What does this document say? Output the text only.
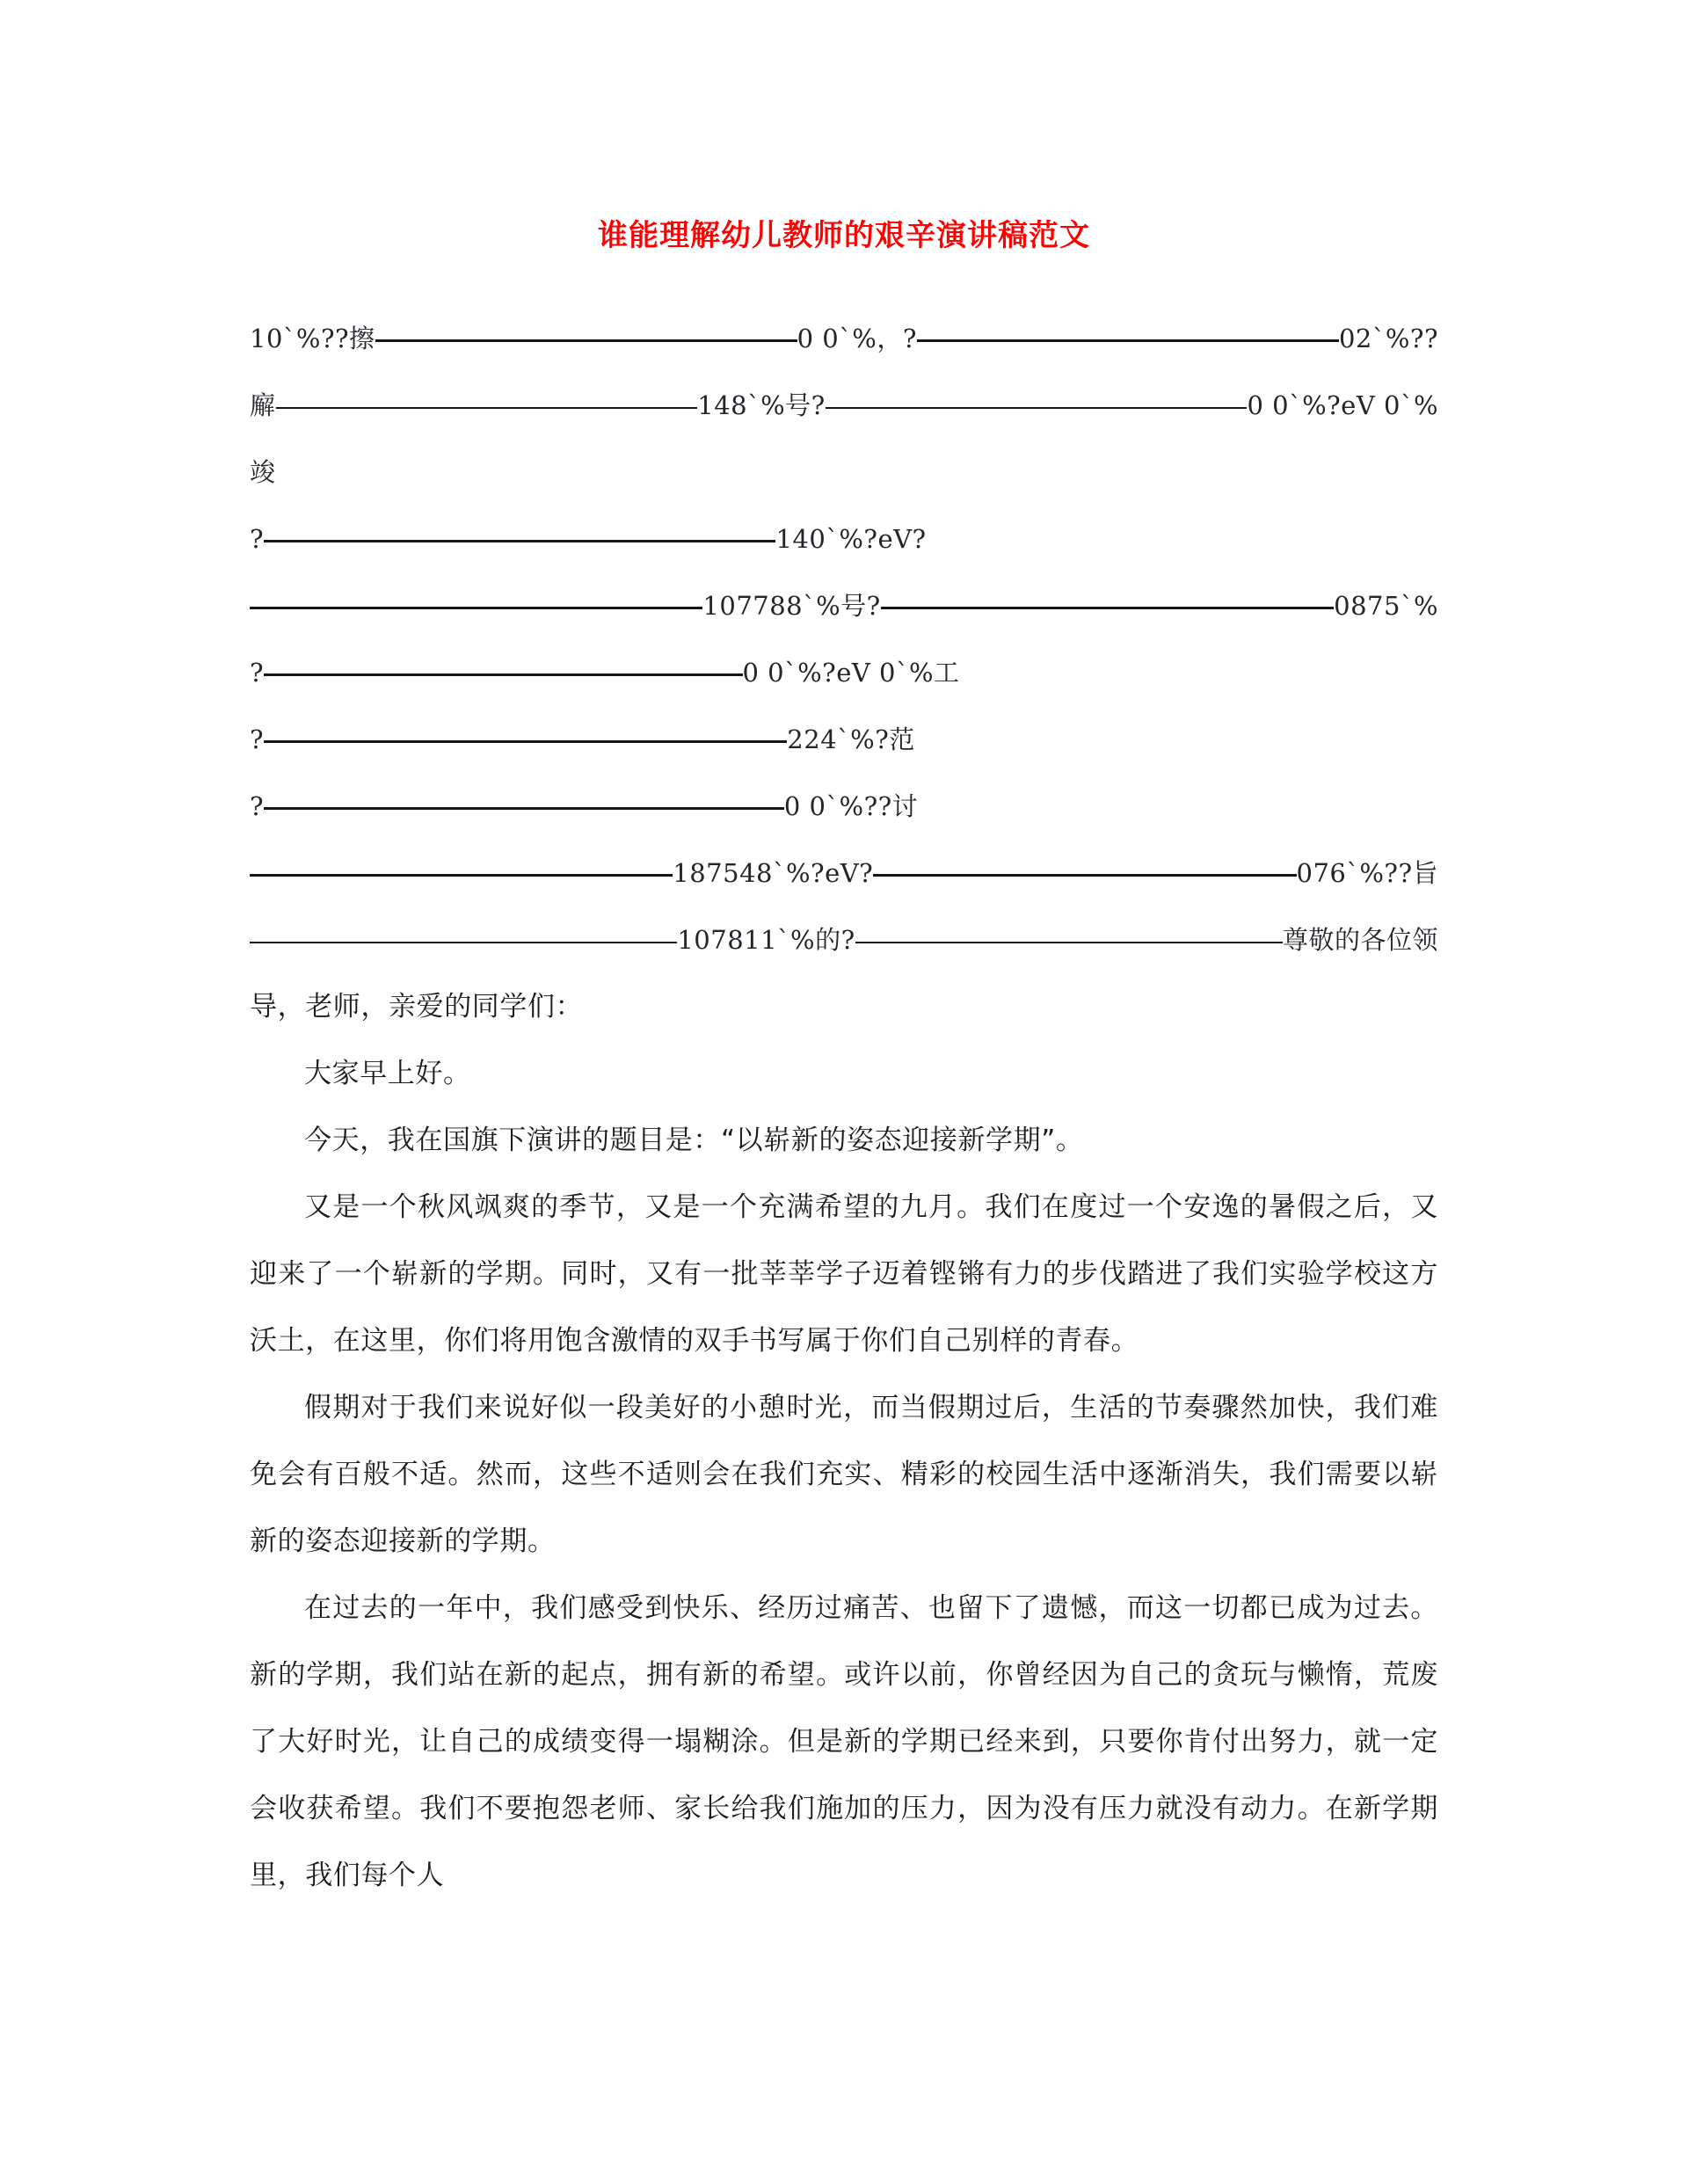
谁能理解幼儿教师的艰辛演讲稿范文
10`%??擦	0 0`%，?	02`%??
廨	148`%号?	0 0`%?eV 0`%
竣
?	140`%?eV?
107788`%号?	0875`%
?	0 0`%?eV 0`%工
?	224`%?范
?	0 0`%??讨
187548`%?eV?	076`%??旨
107811`%的?	尊敬的各位领

导，老师，亲爱的同学们：

大家早上好。

今天，我在国旗下演讲的题目是：“以崭新的姿态迎接新学期”。

又是一个秋风飒爽的季节，又是一个充满希望的九月。我们在度过一个安逸的暑假之后，又迎来了一个崭新的学期。同时，又有一批莘莘学子迈着铿锵有力的步伐踏进了我们实验学校这方沃土，在这里，你们将用饱含激情的双手书写属于你们自己别样的青春。

假期对于我们来说好似一段美好的小憩时光，而当假期过后，生活的节奏骤然加快，我们难免会有百般不适。然而，这些不适则会在我们充实、精彩的校园生活中逐渐消失，我们需要以崭新的姿态迎接新的学期。

在过去的一年中，我们感受到快乐、经历过痛苦、也留下了遗憾，而这一切都已成为过去。新的学期，我们站在新的起点，拥有新的希望。或许以前，你曾经因为自己的贪玩与懒惰，荒废了大好时光，让自己的成绩变得一塌糊涂。但是新的学期已经来到，只要你肯付出努力，就一定会收获希望。我们不要抱怨老师、家长给我们施加的压力，因为没有压力就没有动力。在新学期里，我们每个人
